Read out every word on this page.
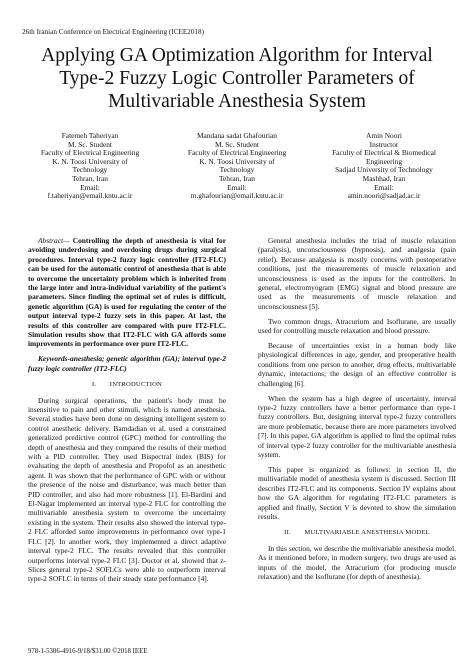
26th Iranian Conference on Electrical Engineering (ICEE2018)
Applying GA Optimization Algorithm for Interval
Type-2 Fuzzy Logic Controller Parameters of
Multivariable Anesthesia System
Fatemeh Taheriyan
M. Sc. Student
Faculty of Electrical Engineering
K. N. Toosi University of
Technology
Tehran, Iran
Email:
f.taheriyan@email.kntu.ac.ir
Mandana sadat Ghafourian
M. Sc. Student
Faculty of Electrical Engineering
K. N. Toosi University of
Technology
Tehran, Iran
Email:
m.ghafourian@email.kntu.ac.ir
Amin Noori
Instructor
Faculty of Electrical & Biomedical
Engineering
Sadjad University of Technology
Mashhad, Iran
Email:
amin.noori@sadjad.ac.ir

Abstract— Controlling the depth of anesthesia is vital for avoiding underdosing and overdosing drugs during surgical procedures. Interval type-2 fuzzy logic controller (IT2-FLC) can be used for the automatic control of anesthesia that is able to overcome the uncertainty problem which is inherited from the large inter and intra-individual variability of the patient's parameters. Since finding the optimal set of rules is difficult, genetic algorithm (GA) is used for regulating the center of the output interval type-2 fuzzy sets in this paper. At last, the results of this controller are compared with pure IT2-FLC. Simulation results show that IT2-FLC with GA affords some improvements in performance over pure IT2-FLC.

Keywords-anesthesia; genetic algorithm (GA); interval type-2 fuzzy logic controller (IT2-FLC)

I.  INTRODUCTION

During surgical operations, the patient's body must be insensitive to pain and other stimuli, which is named anesthesia. Several studies have been done on designing intelligent system to control anesthetic delivery. Bamdadian et al. used a constrained generalized predictive control (GPC) method for controlling the depth of anesthesia and they compared the results of their method with a PID controller. They used Bispectral index (BIS) for evaluating the depth of anesthesia and Propofol as an anesthetic agent. It was shown that the performance of GPC with or without the presence of the noise and disturbance, was much better than PID controller, and also had more robustness [1]. El-Bardini and El-Nagar implemented an interval type-2 FLC for controlling the multivariable anesthesia system to overcome the uncertainty existing in the system. Their results also showed the interval type-2 FLC afforded some improvements in performance over type-1 FLC [2]. In another work, they implemented a direct adaptive interval type-2 FLC. The results revealed that this controller outperforms interval type-2 FLC [3]. Doctor et al. showed that z-Slices general type-2 SOFLCs were able to outperform interval type-2 SOFLC in terms of their steady state performance [4].

General anesthesia includes the triad of muscle relaxation (paralysis), unconsciousness (hypnosis), and analgesia (pain relief). Because analgesia is mostly concerns with postoperative conditions, just the measurements of muscle relaxation and unconsciousness is used as the inputs for the controllers. In general, electromyogram (EMG) signal and blood pressure are used as the measurements of muscle relaxation and unconsciousness [5].

Two common drugs, Atracurium and Isoflurane, are usually used for controlling muscle relaxation and blood pressure.

Because of uncertainties exist in a human body like physiological differences in age, gender, and preoperative health conditions from one person to another, drug effects, multivariable dynamic, interactions; the design of an effective controller is challenging [6].

When the system has a high degree of uncertainty, interval type-2 fuzzy controllers have a better performance than type-1 fuzzy controllers. But, designing interval type-2 fuzzy controllers are more problematic, because there are more parameters involved [7]. In this paper, GA algorithm is applied to find the optimal rules of interval type-2 fuzzy controller for the multivariable anesthesia system.

This paper is organized as follows: in section II, the multivariable model of anesthesia system is discussed. Section III describes IT2-FLC and its components. Section IV explains about how the GA algorithm for regulating IT2-FLC parameters is applied and finally, Section V is devoted to show the simulation results.

II.  MULTIVARIABLE ANESTHESIA MODEL

In this section, we describe the multivariable anesthesia model. As it mentioned before, in modern surgery, two drugs are used as inputs of the model, the Atracurium (for producing muscle relaxation) and the Isoflurane (for depth of anesthesia).

978-1-5386-4916-9/18/$31.00 ©2018 IEEE
